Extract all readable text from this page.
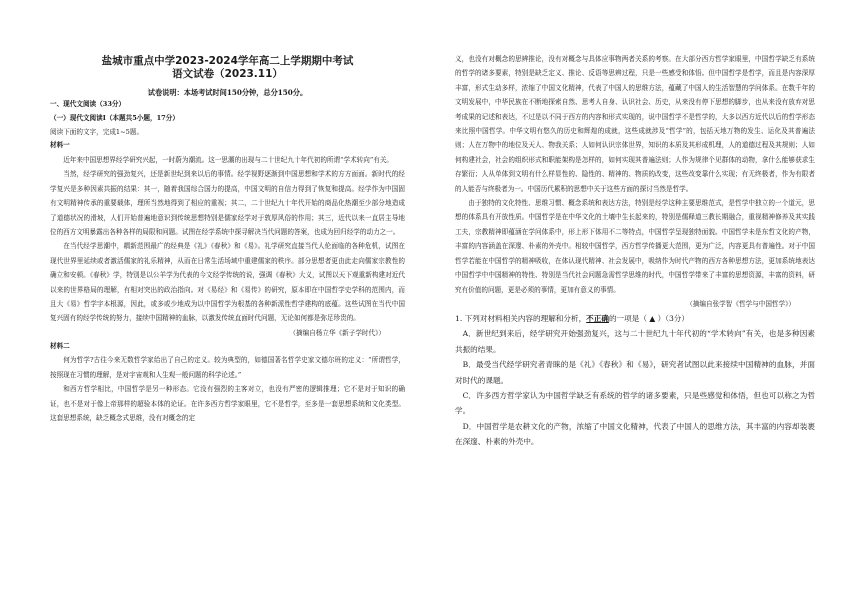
盐城市重点中学2023-2024学年高二上学期期中考试
语文试卷（2023.11）
试卷说明：本场考试时间150分钟，总分150分。
一、现代文阅读（33分）
（一）现代文阅读Ⅰ（本题共5小题，17分）
阅读下面的文字，完成1~5题。
材料一
近年来中国思想界经学研究兴起，一时蔚为潮流。这一思潮的出现与二十世纪九十年代初的所谓“学术转向”有关。
当然，经学研究的强劲复兴，还是新世纪到来以后的事情。经学视野逐渐到中国思想和学术的方方面面。新时代的经学复兴是多种因素共振的结果：其一，随着我国综合国力的提高，中国文明的自信力得到了恢复和提高。经学作为中国固有文明精神传承的重要载体，理所当然地得到了相应的重视；其二，二十世纪九十年代开始的商品化热潮至少部分地造成了道德状况的滑坡，人们开始普遍地意识到传统思想特别是儒家经学对于敦厚风俗的作用；其三，近代以来一直居主导地位的西方文明暴露出各种各样的局限和问题。试图在经学系统中探寻解决当代问题的答案，也成为回归经学的动力之一。
在当代经学思潮中，耦新范围最广的经典是《礼》《春秋》和《易》。礼学研究直接当代人伦面临的各种危机，试图在现代世界里延续或者激活儒家的礼乐精神，从而在日常生活场域中重建儒家的秩序。部分思想者更由此走向儒家宗教性的确立和安顿。《春秋》学，特别是以公羊学为代表的今文经学传统的说，强调《春秋》大义，试图以天下观重新构建对近代以来的世界格局的理解，有相对突出的政治指向。对《易经》和《易传》的研究，原本即在中国哲学史学科的范围内，而且大《易》哲学宇本根源，因此，或多或少地成为以中国哲学为根基的各种新派性哲学建构的底蕴。这些试图在当代中国复兴固有的经学传统的努力，接续中国精神的血脉，以激发传统直面时代问题，无论如何都是弥足珍贵的。
（摘编自杨立华《新子学时代》）
材料二
何为哲学?古往今来无数哲学家给出了自己的定义。较为典型的，如德国著名哲学史家文德尔班的定义：“所谓哲学，按照现在习惯的理解，是对宇宙观和人生观一般问题的科学论述。”
和西方哲学相比，中国哲学是另一种形态。它没有强烈的主客对立，也没有严密的逻辑推理；它不是对于知识的确证，也不是对于像上帝那样的超验本体的论证。在许多西方哲学家眼里，它不是哲学，至多是一套思想系统和文化类型。这套思想系统，缺乏概念式思维，没有对概念的定
义，也没有对概念的思辨推论，没有对概念与具体应事物两者关系的考察。在大部分西方哲学家眼里，中国哲学缺乏有系统的哲学的诸多要素，特别是缺乏定义、推论、反语等思辨过程，只是一些感受和体悟。但中国哲学是哲学，而且是内容深厚丰富，形式生动多样，浓缩了中国文化精神，代表了中国人的思维方法，蕴藏了中国人的生活智慧的学问体系。在数千年的文明发展中，中华民族在不断地探索自然、思考人自身、认识社会、历史，从来没有停下思想的脚步，也从来没有放弃对思考成果的记述和表达，不过是以不同于西方的内容和形式实现的，说中国哲学不是哲学的，大多以西方近代以后的哲学形态来比照中国哲学。中华文明有悠久的历史和辉煌的成就，这些成就涉及“哲学”的，包括天地万物的发生、运化及其普遍法则；人在万物中的地位及天人、物我关系；人如何认识宗体世界，知识的本质及其形成机理，人的道德过程及其规则；人如何构建社会，社会的组织形式和职能架构是怎样的，如何实现其普遍法则；人作为规律个见群体的动物，拿什么能够获求生存繁衍；人从单体到文明有什么样显性的、隐性的、精神的、物质的改变，这些改变靠什么实现；有无终极者，作为有限者的人能否与终极者为一。中国历代累积的思想中关于这些方面的探讨当然是哲学。
由于独特的文化特性、思维习惯、概念系统和表达方法，特别是经学这种主要思维范式，是哲学中独立的一个道元，思想的体系具有开放性质。中国哲学是在中华文化的土壤中生长起来的，特别是儒释道三教长期融合，重视精神修养及其实践工夫，宗教精神即蕴涵在学问体系中，形上形下体用不二等特点，中国哲学呈现独特面貌。中国哲学未是东哲文化的产物，丰富的内容涵盖在深邃、朴素的外壳中。相较中国哲学，西方哲学传播更大范围，更为广泛，内容更具有普遍性。对于中国哲学若能在中国哲学的精神吸收，在体认现代精神、社会发展中，吸纳作为时代产物的西方各种思想方法，更加系统地表达中国哲学中中国精神的特性、特别是当代社会问题急需哲学思维的时代，中国哲学带来了丰富的思想资源，丰富的资料，研究有价值的问题，更是必须的事情，更加有意义的事情。
（摘编自张学智《哲学与中国哲学》）
1. 下列对材料相关内容的理解和分析，不正确的一项是（ ▲ ）（3分）
A．新世纪到来后，经学研究开始强劲复兴，这与二十世纪九十年代初的“学术转向”有关，也是多种因素共振的结果。
B．最受当代经学研究者青睐的是《礼》《春秋》和《易》，研究者试图以此来接续中国精神的血脉，并面对时代的课题。
C．许多西方哲学家认为中国哲学缺乏有系统的哲学的诸多要素，只是些感觉和体悟，但也可以称之为哲学。
D．中国哲学是农耕文化的产物，浓缩了中国文化精神，代表了中国人的思维方法，其丰富的内容却装裹在深邃、朴素的外壳中。
